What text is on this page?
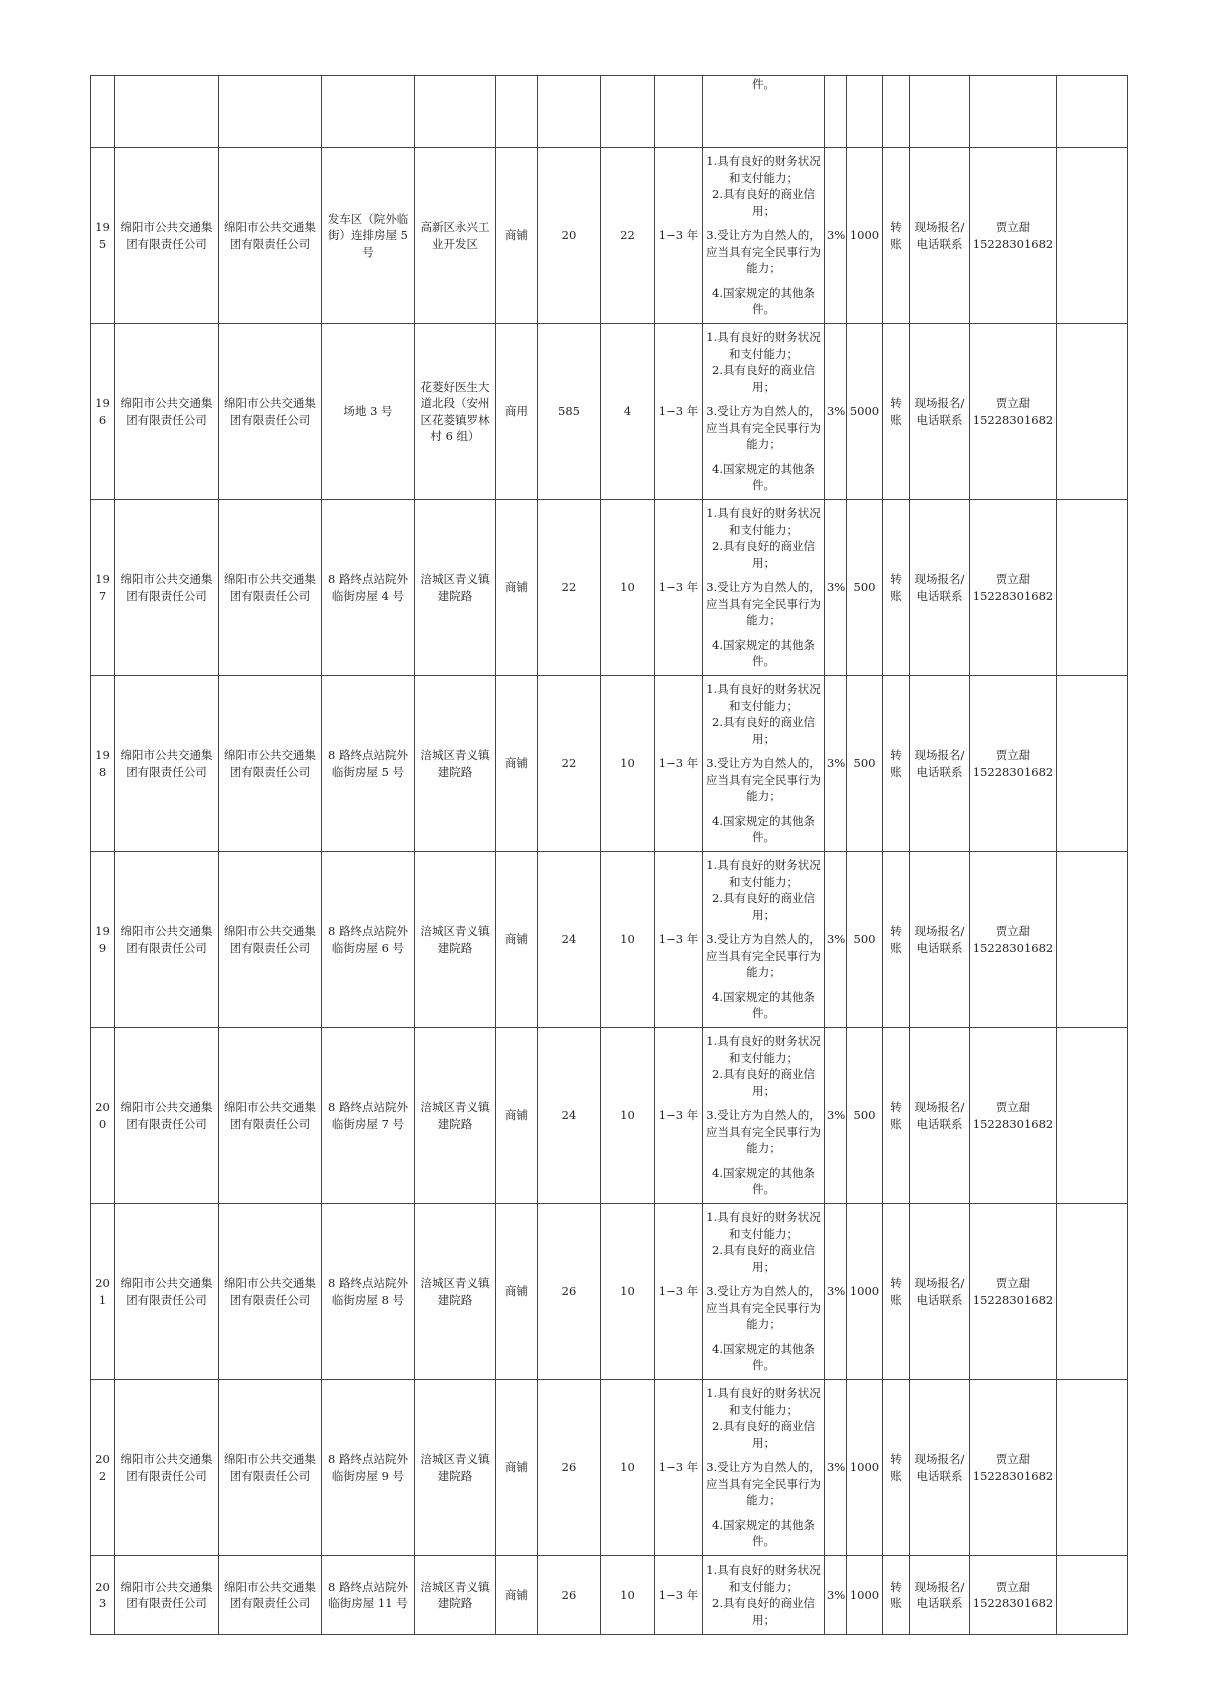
									件。						
195	绵阳市公共交通集团有限责任公司	绵阳市公共交通集团有限责任公司	发车区（院外临街）连排房屋 5 号	高新区永兴工业开发区	商铺	20	22	1−3 年	1.具有良好的财务状况和支付能力；
2.具有良好的商业信用；
3.受让方为自然人的，应当具有完全民事行为能力；
4.国家规定的其他条件。	3%	1000	转账	现场报名/电话联系	贾立甜
15228301682	
196	绵阳市公共交通集团有限责任公司	绵阳市公共交通集团有限责任公司	场地 3 号	花菱好医生大道北段（安州区花菱镇罗林村 6 组）	商用	585	4	1−3 年	1.具有良好的财务状况和支付能力；
2.具有良好的商业信用；
3.受让方为自然人的，应当具有完全民事行为能力；
4.国家规定的其他条件。	3%	5000	转账	现场报名/电话联系	贾立甜
15228301682	
197	绵阳市公共交通集团有限责任公司	绵阳市公共交通集团有限责任公司	8 路终点站院外临街房屋 4 号	涪城区青义镇建院路	商铺	22	10	1−3 年	1.具有良好的财务状况和支付能力；
2.具有良好的商业信用；
3.受让方为自然人的，应当具有完全民事行为能力；
4.国家规定的其他条件。	3%	500	转账	现场报名/电话联系	贾立甜
15228301682	
198	绵阳市公共交通集团有限责任公司	绵阳市公共交通集团有限责任公司	8 路终点站院外临街房屋 5 号	涪城区青义镇建院路	商铺	22	10	1−3 年	1.具有良好的财务状况和支付能力；
2.具有良好的商业信用；
3.受让方为自然人的，应当具有完全民事行为能力；
4.国家规定的其他条件。	3%	500	转账	现场报名/电话联系	贾立甜
15228301682	
199	绵阳市公共交通集团有限责任公司	绵阳市公共交通集团有限责任公司	8 路终点站院外临街房屋 6 号	涪城区青义镇建院路	商铺	24	10	1−3 年	1.具有良好的财务状况和支付能力；
2.具有良好的商业信用；
3.受让方为自然人的，应当具有完全民事行为能力；
4.国家规定的其他条件。	3%	500	转账	现场报名/电话联系	贾立甜
15228301682	
200	绵阳市公共交通集团有限责任公司	绵阳市公共交通集团有限责任公司	8 路终点站院外临街房屋 7 号	涪城区青义镇建院路	商铺	24	10	1−3 年	1.具有良好的财务状况和支付能力；
2.具有良好的商业信用；
3.受让方为自然人的，应当具有完全民事行为能力；
4.国家规定的其他条件。	3%	500	转账	现场报名/电话联系	贾立甜
15228301682	
201	绵阳市公共交通集团有限责任公司	绵阳市公共交通集团有限责任公司	8 路终点站院外临街房屋 8 号	涪城区青义镇建院路	商铺	26	10	1−3 年	1.具有良好的财务状况和支付能力；
2.具有良好的商业信用；
3.受让方为自然人的，应当具有完全民事行为能力；
4.国家规定的其他条件。	3%	1000	转账	现场报名/电话联系	贾立甜
15228301682	
202	绵阳市公共交通集团有限责任公司	绵阳市公共交通集团有限责任公司	8 路终点站院外临街房屋 9 号	涪城区青义镇建院路	商铺	26	10	1−3 年	1.具有良好的财务状况和支付能力；
2.具有良好的商业信用；
3.受让方为自然人的，应当具有完全民事行为能力；
4.国家规定的其他条件。	3%	1000	转账	现场报名/电话联系	贾立甜
15228301682	
203	绵阳市公共交通集团有限责任公司	绵阳市公共交通集团有限责任公司	8 路终点站院外临街房屋 11 号	涪城区青义镇建院路	商铺	26	10	1−3 年	1.具有良好的财务状况和支付能力；
2.具有良好的商业信用；	3%	1000	转账	现场报名/电话联系	贾立甜
15228301682	
